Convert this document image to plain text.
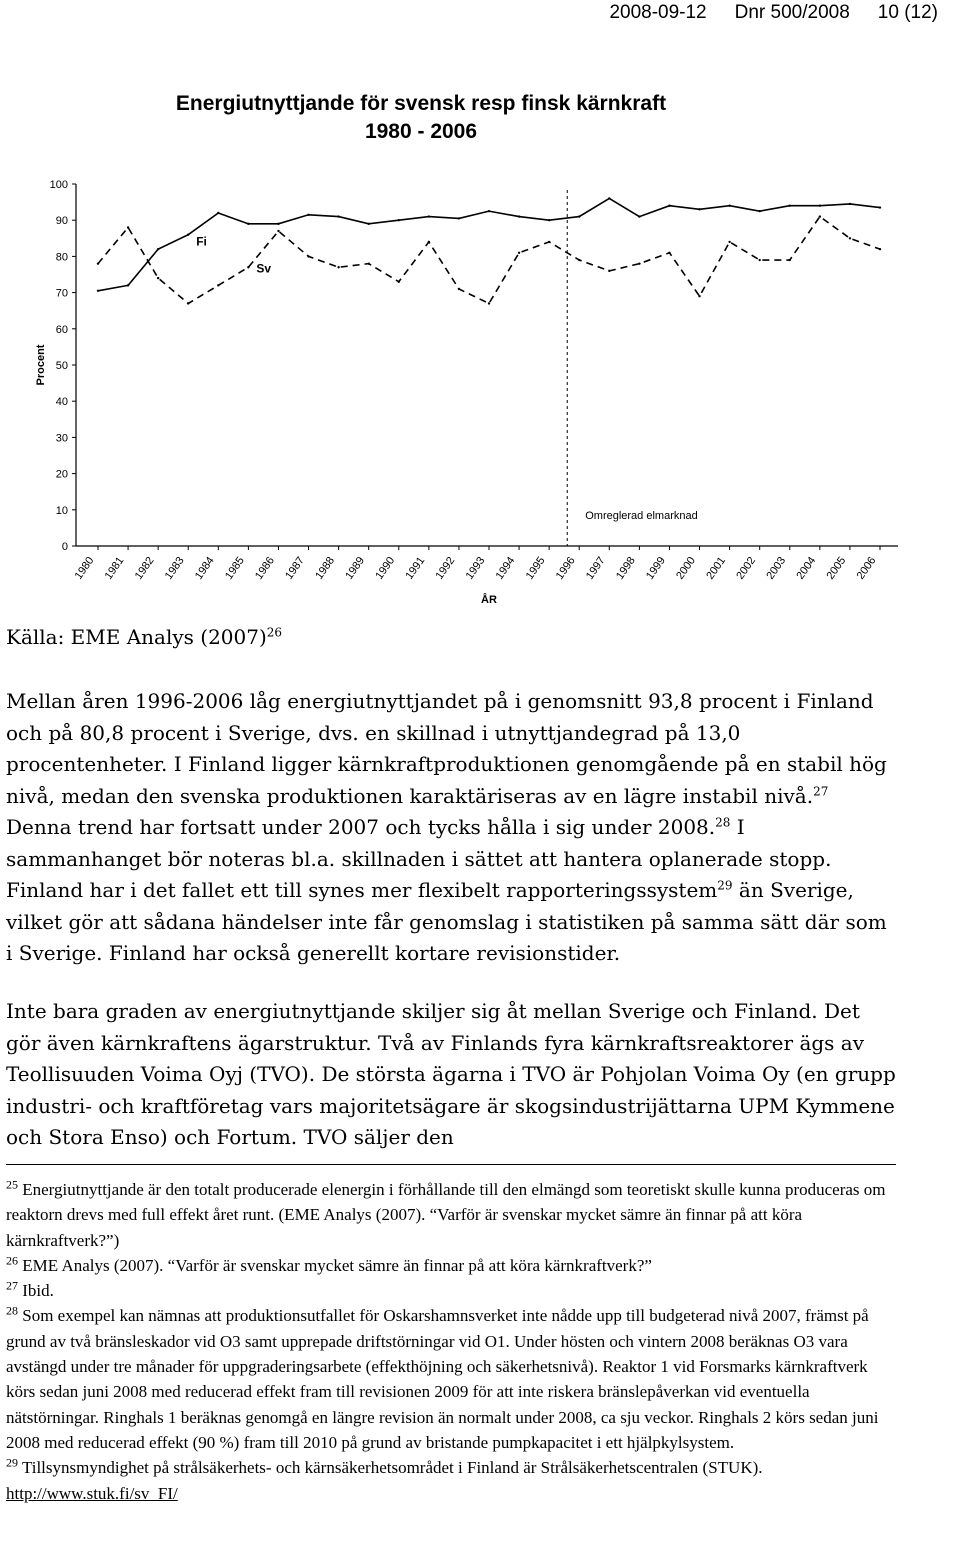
2008-09-12 Dnr 500/2008 10 (12)
Energiutnyttjande för svensk resp finsk kärnkraft
1980 - 2006
0
10
20
30
40
50
60
70
80
90
100
Procent
1980 1981 1982 1983 1984 1985 1986 1987 1988 1989 1990 1991 1992 1993 1994 1995 1996 1997 1998 1999 2000 2001 2002 2003 2004 2005 2006
ÅR
Omreglerad elmarknad
Fi
Sv
Källa: EME Analys $(2007)^{26}$

Mellan åren 1996-2006 låg energiutnyttjandet på i genomsnitt 93,8 procent i Finland och på 80,8 procent i Sverige, dvs. en skillnad i utnyttjandegrad på 13,0 procentenheter. I Finland ligger kärnkraftproduktionen genomgående på en stabil hög nivå, medan den svenska produktionen karaktäriseras av en lägre instabil nivå.$^{27}$ Denna trend har fortsatt under 2007 och tycks hålla i sig under 2008.28 I sammanhanget bör noteras bl.a. skillnaden i sättet att hantera oplanerade stopp. Finland har i det fallet ett till synes mer flexibelt rapporteringssystem$^{29}$ än Sverige, vilket gör att sådana händelser inte får genomslag i statistiken på samma sätt där som i Sverige. Finland har också generellt kortare revisionstider.

Inte bara graden av energiutnyttjande skiljer sig åt mellan Sverige och Finland. Det gör även kärnkraftens ägarstruktur. Två av Finlands fyra kärnkraftsreaktorer ägs av Teollisuuden Voima Oyj (TVO). De största ägarna i TVO är Pohjolan Voima Oy (en grupp industri- och kraftföretag vars majoritetsägare är skogsindustrijättarna UPM Kymmene och Stora Enso) och Fortum. TVO säljer den

$^{25}$ Energiutnyttjande är den totalt producerade elenergin i förhållande till den elmängd som teoretiskt skulle kunna produceras om reaktorn drevs med full effekt året runt. (EME Analys (2007). “Varför är svenskar mycket sämre än finnar på att köra kärnkraftverk?”)

$^{26}$ EME Analys (2007). “Varför är svenskar mycket sämre än finnar på att köra kärnkraftverk?”

$^{27}$ Ibid.

$^{28}$ Som exempel kan nämnas att produktionsutfallet för Oskarshamnsverket inte nådde upp till budgeterad nivå 2007, främst på grund av två bränsleskador vid O3 samt upprepade driftstörningar vid O1. Under hösten och vintern 2008 beräknas O3 vara avstängd under tre månader för uppgraderingsarbete (effekthöjning och säkerhetsnivå). Reaktor 1 vid Forsmarks kärnkraftverk körs sedan juni 2008 med reducerad effekt fram till revisionen 2009 för att inte riskera bränslepåverkan vid eventuella nätstörningar. Ringhals 1 beräknas genomgå en längre revision än normalt under 2008, ca sju veckor. Ringhals 2 körs sedan juni 2008 med reducerad effekt (90 %) fram till 2010 på grund av bristande pumpkapacitet i ett hjälpkylsystem.

$^{29}$ Tillsynsmyndighet på strålsäkerhets- och kärnsäkerhetsområdet i Finland är Strålsäkerhetscentralen (STUK). http://www.stuk.fi/sv_FI/
